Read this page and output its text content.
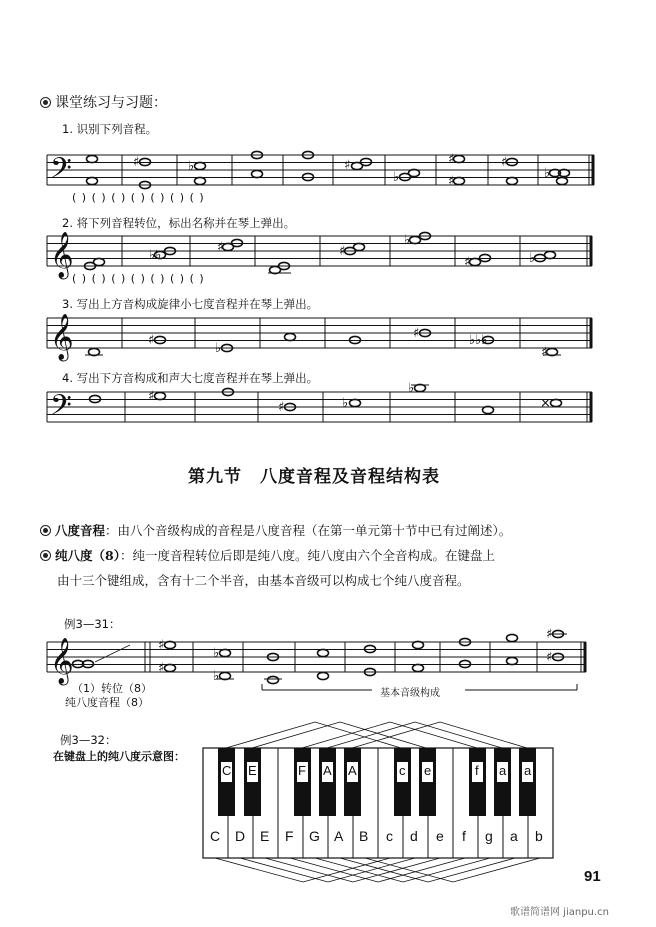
课堂练习与习题：
1. 识别下列音程。
2. 将下列音程转位，标出名称并在琴上弹出。
3. 写出上方音构成旋律小七度音程并在琴上弹出。
4. 写出下方音构成和声大七度音程并在琴上弹出。
𝄢
𝄞
𝄞
𝄢
𝄞
♯	♭	♯
♭
♯
♯
♯
♭
♭♭
♯	♯
♭
♯	♭
♯
♭
♯	♭♭♭
♯
♯
♯	♭
♭
×
♯
♯
♭
♭
♯
♯
( ) ( ) ( ) ( ) ( ) ( ) ( )
( ) ( ) ( ) ( ) ( ) ( ) ( )
第九节　八度音程及音程结构表
八度音程：由八个音级构成的音程是八度音程（在第一单元第十节中已有过阐述）。
纯八度（8）：纯一度音程转位后即是纯八度。纯八度由六个全音构成。在键盘上
由十三个键组成，含有十二个半音，由基本音级可以构成七个纯八度音程。
例3—31：
（1）转位（8）
纯八度音程（8）
基本音级构成
例3—32：
在键盘上的纯八度示意图：
C D E F G A B c d e f g a b
C E	F A A	c e	f a a
91
歌谱简谱网 jianpu.cn
